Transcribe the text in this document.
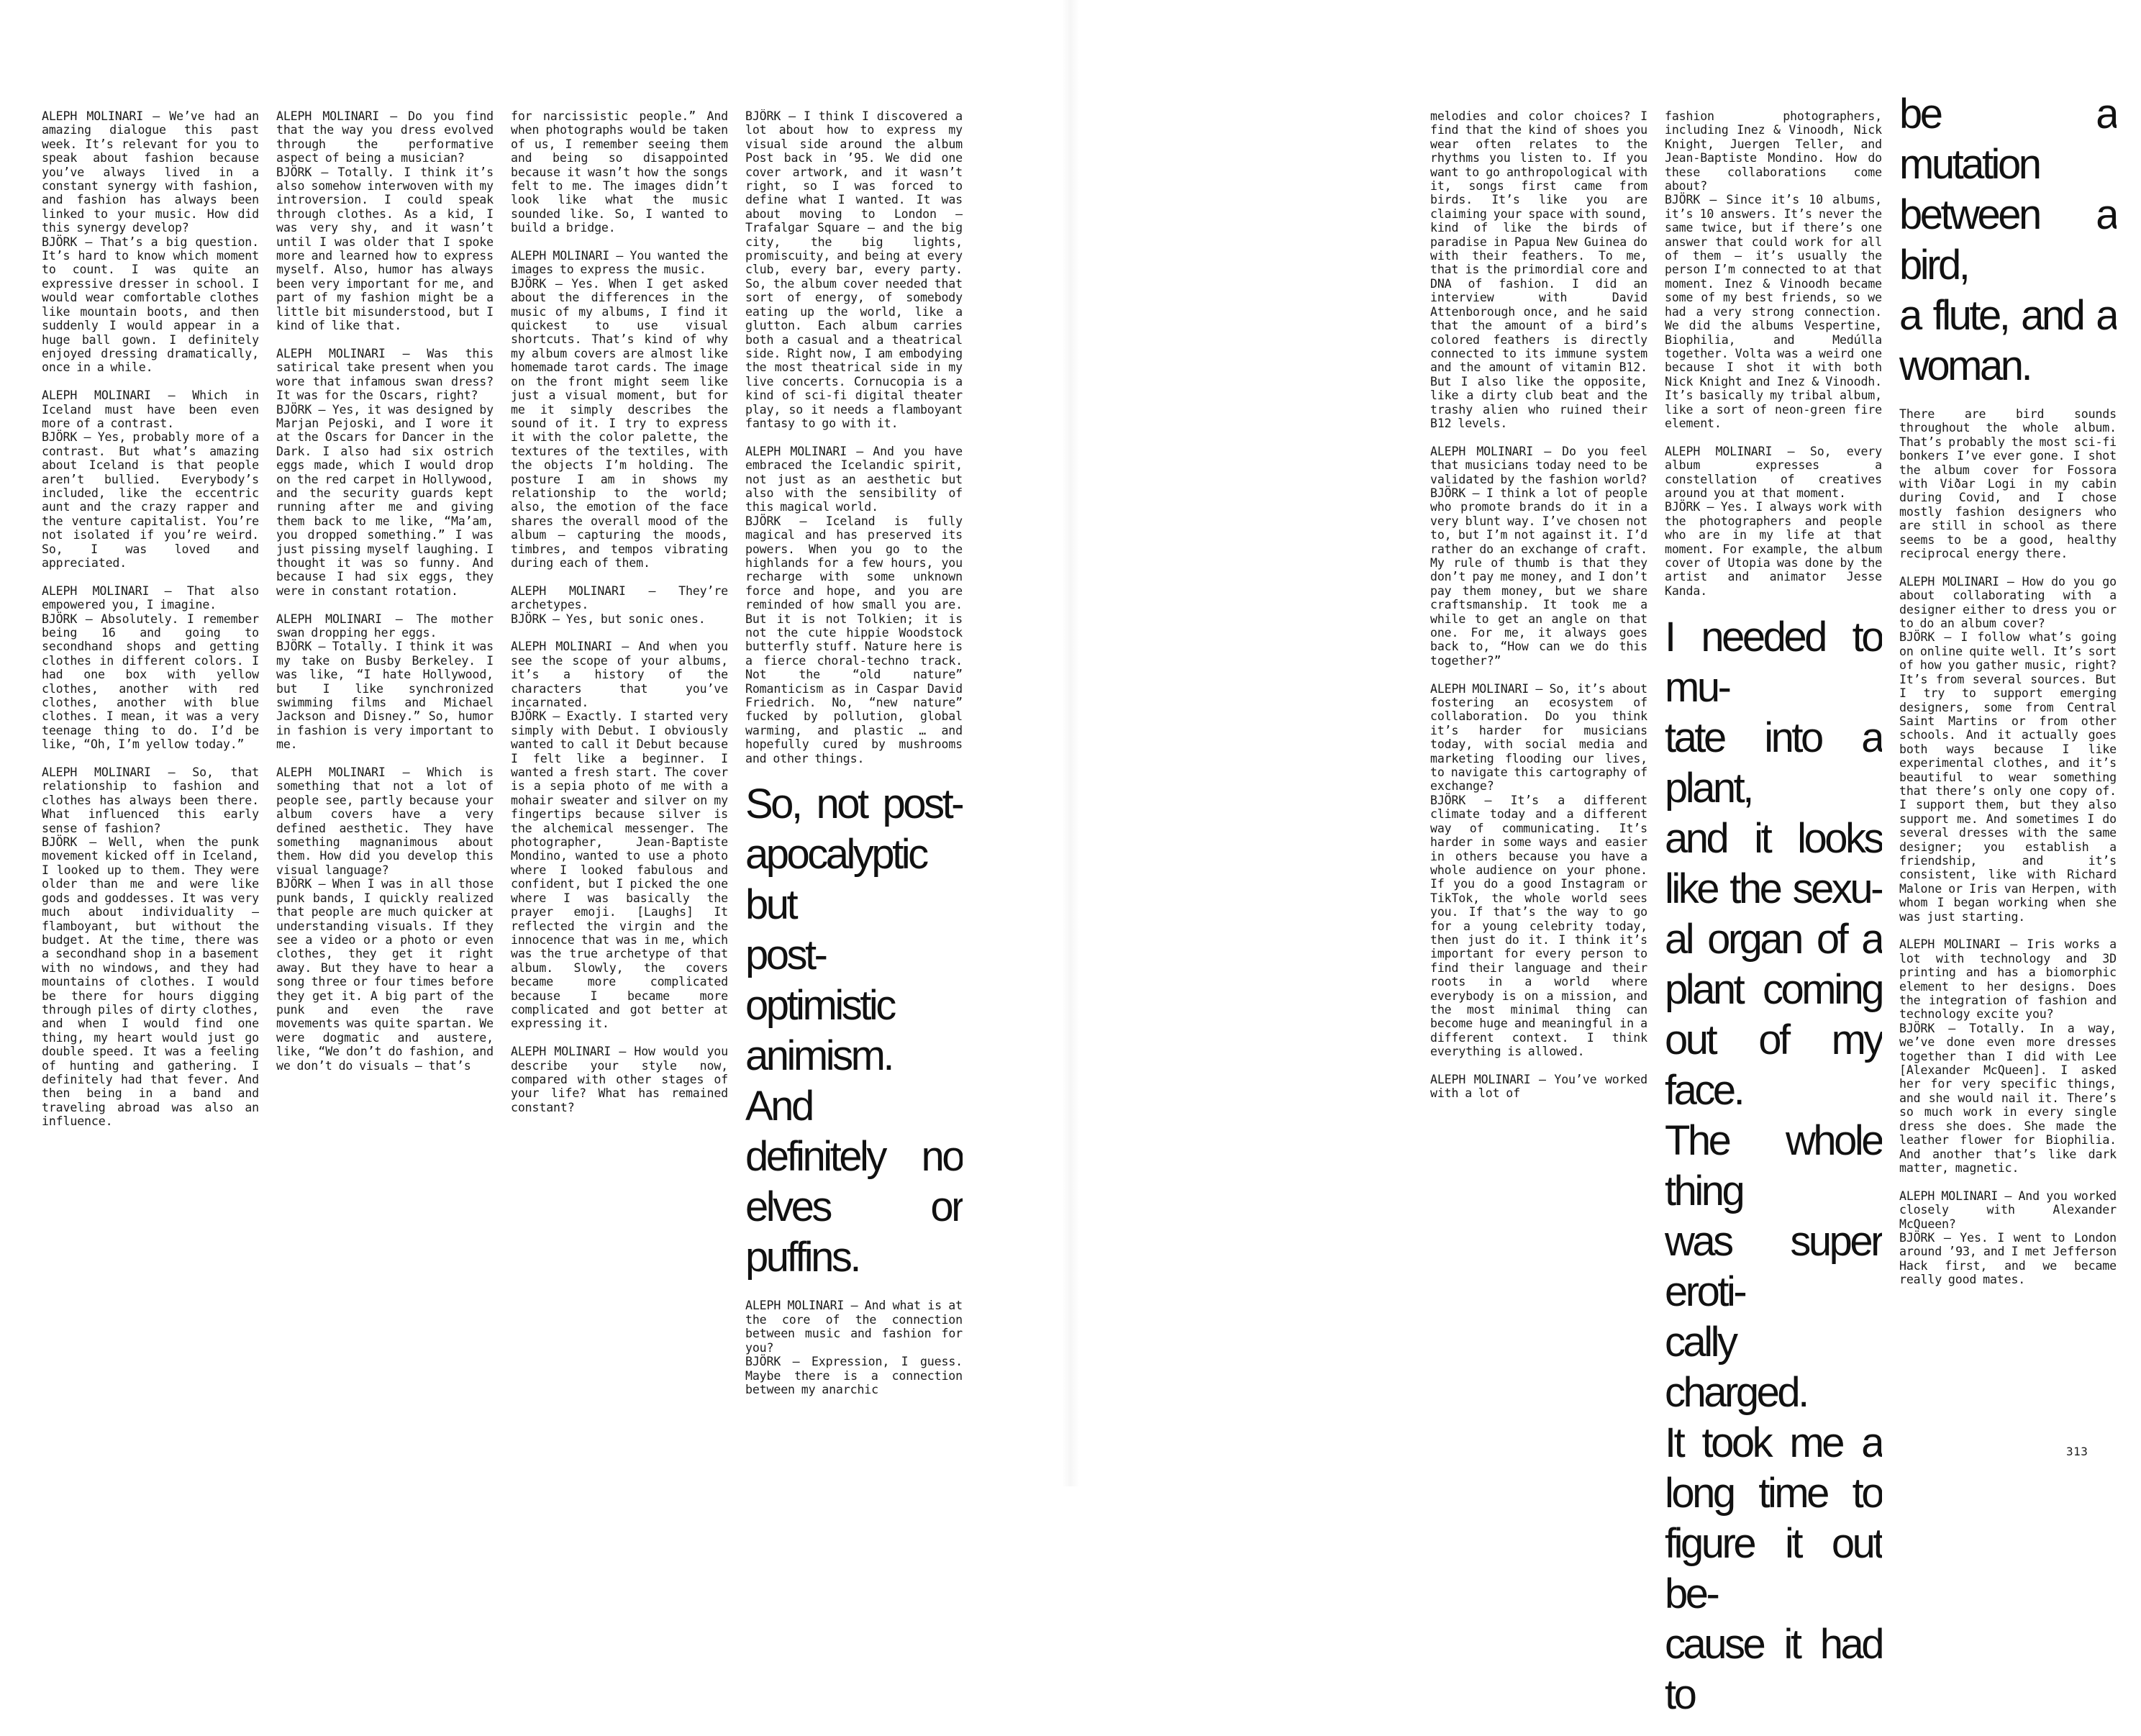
ALEPH MOLINARI — We’ve had an amazing dialogue this past week. It’s relevant for you to speak about fashion because you’ve always lived in a constant synergy with fashion, and fashion has always been linked to your music. How did this synergy develop?
BJÖRK — That’s a big question. It’s hard to know which moment to count. I was quite an expressive dresser in school. I would wear comfortable clothes like mountain boots, and then suddenly I would appear in a huge ball gown. I definitely enjoyed dressing dramatically, once in a while.

ALEPH MOLINARI — Which in Iceland must have been even more of a contrast.
BJÖRK — Yes, probably more of a contrast. But what’s amazing about Iceland is that people aren’t bullied. Everybody’s included, like the eccentric aunt and the crazy rapper and the venture capitalist. You’re not isolated if you’re weird. So, I was loved and appreciated.

ALEPH MOLINARI — That also empowered you, I imagine.
BJÖRK — Absolutely. I remember being 16 and going to secondhand shops and getting clothes in different colors. I had one box with yellow clothes, another with red clothes, another with blue clothes. I mean, it was a very teenage thing to do. I’d be like, “Oh, I’m yellow today.”

ALEPH MOLINARI — So, that relationship to fashion and clothes has always been there. What influenced this early sense of fashion?
BJÖRK — Well, when the punk movement kicked off in Iceland, I looked up to them. They were older than me and were like gods and goddesses. It was very much about individuality — flamboyant, but without the budget. At the time, there was a secondhand shop in a basement with no windows, and they had mountains of clothes. I would be there for hours digging through piles of dirty clothes, and when I would find one thing, my heart would just go double speed. It was a feeling of hunting and gathering. I definitely had that fever. And then being in a band and traveling abroad was also an influence.

ALEPH MOLINARI — Do you find that the way you dress evolved through the performative aspect of being a musician?
BJÖRK — Totally. I think it’s also somehow interwoven with my introversion. I could speak through clothes. As a kid, I was very shy, and it wasn’t until I was older that I spoke more and learned how to express myself. Also, humor has always been very important for me, and part of my fashion might be a little bit misunderstood, but I kind of like that.

ALEPH MOLINARI — Was this satirical take present when you wore that infamous swan dress? It was for the Oscars, right?
BJÖRK — Yes, it was designed by Marjan Pejoski, and I wore it at the Oscars for Dancer in the Dark. I also had six ostrich eggs made, which I would drop on the red carpet in Hollywood, and the security guards kept running after me and giving them back to me like, “Ma’am, you dropped something.” I was just pissing myself laughing. I thought it was so funny. And because I had six eggs, they were in constant rotation.

ALEPH MOLINARI — The mother swan dropping her eggs.
BJÖRK — Totally. I think it was my take on Busby Berkeley. I was like, “I hate Hollywood, but I like synchronized swimming films and Michael Jackson and Disney.” So, humor in fashion is very important to me.

ALEPH MOLINARI — Which is something that not a lot of people see, partly because your album covers have a very defined aesthetic. They have something magnanimous about them. How did you develop this visual language?
BJÖRK — When I was in all those punk bands, I quickly realized that people are much quicker at understanding visuals. If they see a video or a photo or even clothes, they get it right away. But they have to hear a song three or four times before they get it. A big part of the punk and even the rave movements was quite spartan. We were dogmatic and austere, like, “We don’t do fashion, and we don’t do visuals — that’s

for narcissistic people.” And when photographs would be taken of us, I remember seeing them and being so disappointed because it wasn’t how the songs felt to me. The images didn’t look like what the music sounded like. So, I wanted to build a bridge.

ALEPH MOLINARI — You wanted the images to express the music.
BJÖRK — Yes. When I get asked about the differences in the music of my albums, I find it quickest to use visual shortcuts. That’s kind of why my album covers are almost like homemade tarot cards. The image on the front might seem like just a visual moment, but for me it simply describes the sound of it. I try to express it with the color palette, the textures of the textiles, with the objects I’m holding. The posture I am in shows my relationship to the world; also, the emotion of the face shares the overall mood of the album — capturing the moods, timbres, and tempos vibrating during each of them.

ALEPH MOLINARI — They’re archetypes.
BJÖRK — Yes, but sonic ones.

ALEPH MOLINARI — And when you see the scope of your albums, it’s a history of the characters that you’ve incarnated.
BJÖRK — Exactly. I started very simply with Debut. I obviously wanted to call it Debut because I felt like a beginner. I wanted a fresh start. The cover is a sepia photo of me with a mohair sweater and silver on my fingertips because silver is the alchemical messenger. The photographer, Jean-Baptiste Mondino, wanted to use a photo where I looked fabulous and confident, but I picked the one where I was basically the prayer emoji. [Laughs] It reflected the virgin and the innocence that was in me, which was the true archetype of that album. Slowly, the covers became more complicated because I became more complicated and got better at expressing it.

ALEPH MOLINARI — How would you describe your style now, compared with other stages of your life? What has remained constant?

BJÖRK — I think I discovered a lot about how to express my visual side around the album Post back in ’95. We did one cover artwork, and it wasn’t right, so I was forced to define what I wanted. It was about moving to London — Trafalgar Square — and the big city, the big lights, promiscuity, and being at every club, every bar, every party. So, the album cover needed that sort of energy, of somebody eating up the world, like a glutton. Each album carries both a casual and a theatrical side. Right now, I am embodying the most theatrical side in my live concerts. Cornucopia is a kind of sci-fi digital theater play, so it needs a flamboyant fantasy to go with it.

ALEPH MOLINARI — And you have embraced the Icelandic spirit, not just as an aesthetic but also with the sensibility of this magical world.
BJÖRK — Iceland is fully magical and has preserved its powers. When you go to the highlands for a few hours, you recharge with some unknown force and hope, and you are reminded of how small you are. But it is not Tolkien; it is not the cute hippie Woodstock butterfly stuff. Nature here is a fierce choral-techno track. Not the “old nature” Romanticism as in Caspar David Friedrich. No, “new nature” fucked by pollution, global warming, and plastic … and hopefully cured by mushrooms and other things.

So, not post-
apocalyptic but
post-optimistic
animism. And
definitely no
elves or puffins.

ALEPH MOLINARI — And what is at the core of the connection between music and fashion for you?
BJÖRK — Expression, I guess. Maybe there is a connection between my anarchic

melodies and color choices? I find that the kind of shoes you wear often relates to the rhythms you listen to. If you want to go anthropological with it, songs first came from birds. It’s like you are claiming your space with sound, kind of like the birds of paradise in Papua New Guinea do with their feathers. To me, that is the primordial core and DNA of fashion. I did an interview with David Attenborough once, and he said that the amount of a bird’s colored feathers is directly connected to its immune system and the amount of vitamin B12. But I also like the opposite, like a dirty club beat and the trashy alien who ruined their B12 levels.

ALEPH MOLINARI — Do you feel that musicians today need to be validated by the fashion world?
BJÖRK — I think a lot of people who promote brands do it in a very blunt way. I’ve chosen not to, but I’m not against it. I’d rather do an exchange of craft. My rule of thumb is that they don’t pay me money, and I don’t pay them money, but we share craftsmanship. It took me a while to get an angle on that one. For me, it always goes back to, “How can we do this together?”

ALEPH MOLINARI — So, it’s about fostering an ecosystem of collaboration. Do you think it’s harder for musicians today, with social media and marketing flooding our lives, to navigate this cartography of exchange?
BJÖRK — It’s a different climate today and a different way of communicating. It’s harder in some ways and easier in others because you have a whole audience on your phone. If you do a good Instagram or TikTok, the whole world sees you. If that’s the way to go for a young celebrity today, then just do it. I think it’s important for every person to find their language and their roots in a world where everybody is on a mission, and the most minimal thing can become huge and meaningful in a different context. I think everything is allowed.

ALEPH MOLINARI — You’ve worked with a lot of

fashion photographers, including Inez & Vinoodh, Nick Knight, Juergen Teller, and Jean-Baptiste Mondino. How do these collaborations come about?
BJÖRK — Since it’s 10 albums, it’s 10 answers. It’s never the same twice, but if there’s one answer that could work for all of them — it’s usually the person I’m connected to at that moment. Inez & Vinoodh became some of my best friends, so we had a very strong connection. We did the albums Vespertine, Biophilia, and Medúlla together. Volta was a weird one because I shot it with both Nick Knight and Inez & Vinoodh. It’s basically my tribal album, like a sort of neon-green fire element.

ALEPH MOLINARI — So, every album expresses a constellation of creatives around you at that moment.
BJÖRK — Yes. I always work with the photographers and people who are in my life at that moment. For example, the album cover of Utopia was done by the artist and animator Jesse Kanda.

I needed to mu-
tate into a plant,
and it looks
like the sexu-
al organ of a
plant coming
out of my face.
The whole thing
was super eroti-
cally charged.
It took me a
long time to
figure it out be-
cause it had to
be a mutation
between a bird,
a flute, and a
woman.

There are bird sounds throughout the whole album. That’s probably the most sci-fi bonkers I’ve ever gone. I shot the album cover for Fossora with Viðar Logi in my cabin during Covid, and I chose mostly fashion designers who are still in school as there seems to be a good, healthy reciprocal energy there.

ALEPH MOLINARI — How do you go about collaborating with a designer either to dress you or to do an album cover?
BJÖRK — I follow what’s going on online quite well. It’s sort of how you gather music, right? It’s from several sources. But I try to support emerging designers, some from Central Saint Martins or from other schools. And it actually goes both ways because I like experimental clothes, and it’s beautiful to wear something that there’s only one copy of. I support them, but they also support me. And sometimes I do several dresses with the same designer; you establish a friendship, and it’s consistent, like with Richard Malone or Iris van Herpen, with whom I began working when she was just starting.

ALEPH MOLINARI — Iris works a lot with technology and 3D printing and has a biomorphic element to her designs. Does the integration of fashion and technology excite you?
BJÖRK — Totally. In a way, we’ve done even more dresses together than I did with Lee [Alexander McQueen]. I asked her for very specific things, and she would nail it. There’s so much work in every single dress she does. She made the leather flower for Biophilia. And another that’s like dark matter, magnetic.

ALEPH MOLINARI — And you worked closely with Alexander McQueen?
BJÖRK — Yes. I went to London around ’93, and I met Jefferson Hack first, and we became really good mates.

313
